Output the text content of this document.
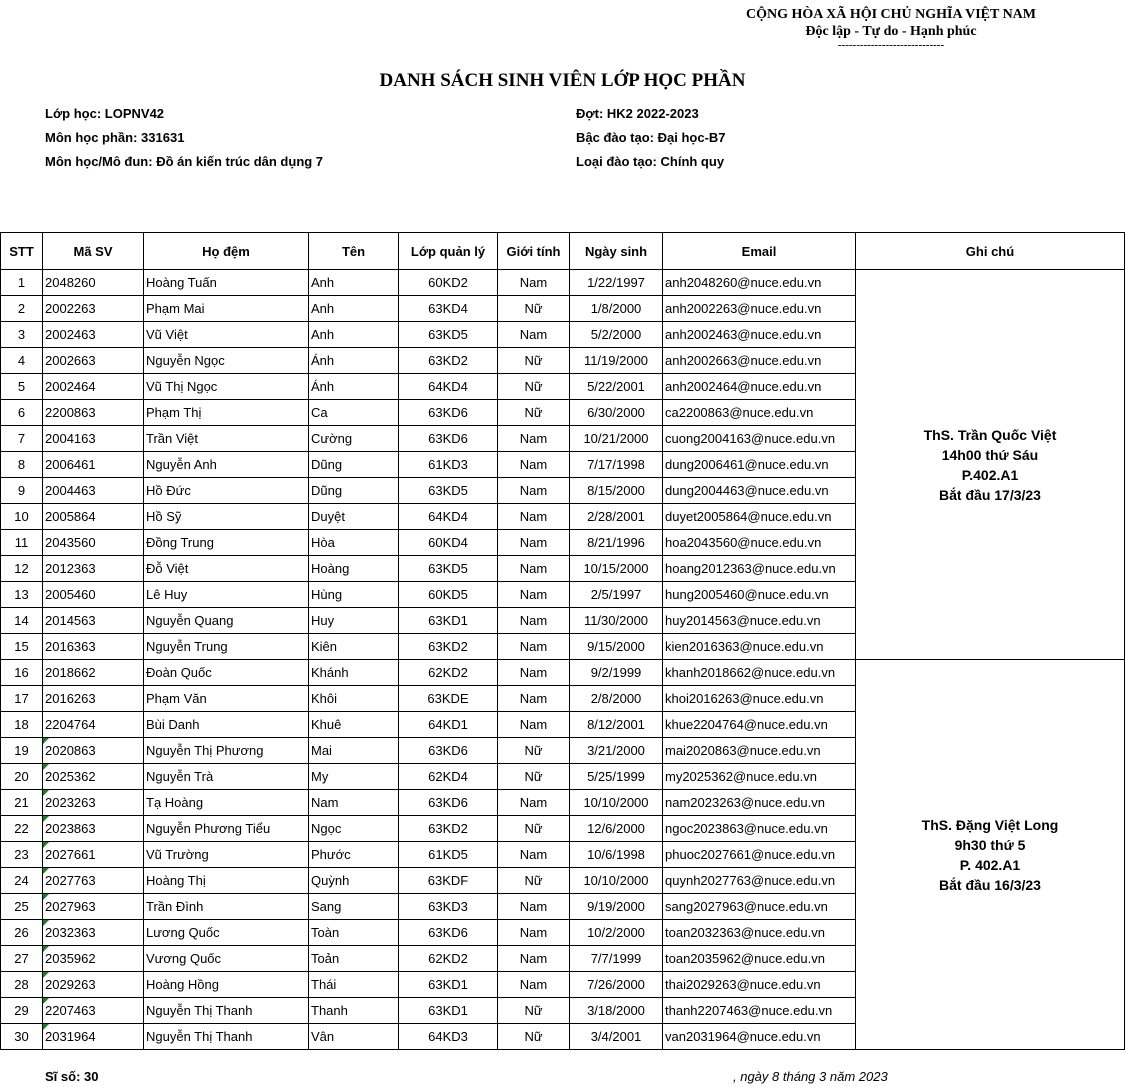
CỘNG HÒA XÃ HỘI CHỦ NGHĨA VIỆT NAM
Độc lập - Tự do - Hạnh phúc
-----------------------------
DANH SÁCH SINH VIÊN LỚP HỌC PHẦN
Lớp học: LOPNV42
Môn học phần: 331631
Môn học/Mô đun: Đồ án kiến trúc dân dụng 7
Đợt: HK2 2022-2023
Bậc đào tạo: Đại học-B7
Loại đào tạo: Chính quy
STT	Mã SV	Họ đệm	Tên	Lớp quản lý	Giới tính	Ngày sinh	Email	Ghi chú
1	2048260	Hoàng Tuấn	Anh	60KD2	Nam	1/22/1997	anh2048260@nuce.edu.vn	ThS. Trần Quốc Việt
14h00 thứ Sáu
P.402.A1
Bắt đầu 17/3/23

2	2002263	Phạm Mai	Anh	63KD4	Nữ	1/8/2000	anh2002263@nuce.edu.vn	
3	2002463	Vũ Việt	Anh	63KD5	Nam	5/2/2000	anh2002463@nuce.edu.vn	
4	2002663	Nguyễn Ngọc	Ánh	63KD2	Nữ	11/19/2000	anh2002663@nuce.edu.vn	
5	2002464	Vũ Thị Ngọc	Ánh	64KD4	Nữ	5/22/2001	anh2002464@nuce.edu.vn	
6	2200863	Phạm Thị	Ca	63KD6	Nữ	6/30/2000	ca2200863@nuce.edu.vn	
7	2004163	Trần Việt	Cường	63KD6	Nam	10/21/2000	cuong2004163@nuce.edu.vn	
8	2006461	Nguyễn Anh	Dũng	61KD3	Nam	7/17/1998	dung2006461@nuce.edu.vn	
9	2004463	Hồ Đức	Dũng	63KD5	Nam	8/15/2000	dung2004463@nuce.edu.vn	
10	2005864	Hồ Sỹ	Duyệt	64KD4	Nam	2/28/2001	duyet2005864@nuce.edu.vn	
11	2043560	Đồng Trung	Hòa	60KD4	Nam	8/21/1996	hoa2043560@nuce.edu.vn	
12	2012363	Đỗ Việt	Hoàng	63KD5	Nam	10/15/2000	hoang2012363@nuce.edu.vn	
13	2005460	Lê Huy	Hùng	60KD5	Nam	2/5/1997	hung2005460@nuce.edu.vn	
14	2014563	Nguyễn Quang	Huy	63KD1	Nam	11/30/2000	huy2014563@nuce.edu.vn	
15	2016363	Nguyễn Trung	Kiên	63KD2	Nam	9/15/2000	kien2016363@nuce.edu.vn	
16	2018662	Đoàn Quốc	Khánh	62KD2	Nam	9/2/1999	khanh2018662@nuce.edu.vn	ThS. Đặng Việt Long
9h30 thứ 5
P. 402.A1
Bắt đầu 16/3/23

17	2016263	Phạm Văn	Khôi	63KDE	Nam	2/8/2000	khoi2016263@nuce.edu.vn	
18	2204764	Bùi Danh	Khuê	64KD1	Nam	8/12/2001	khue2204764@nuce.edu.vn	
19	2020863	Nguyễn Thị Phương	Mai	63KD6	Nữ	3/21/2000	mai2020863@nuce.edu.vn	
20	2025362	Nguyễn Trà	My	62KD4	Nữ	5/25/1999	my2025362@nuce.edu.vn	
21	2023263	Tạ Hoàng	Nam	63KD6	Nam	10/10/2000	nam2023263@nuce.edu.vn	
22	2023863	Nguyễn Phương Tiểu	Ngọc	63KD2	Nữ	12/6/2000	ngoc2023863@nuce.edu.vn	
23	2027661	Vũ Trường	Phước	61KD5	Nam	10/6/1998	phuoc2027661@nuce.edu.vn	
24	2027763	Hoàng Thị	Quỳnh	63KDF	Nữ	10/10/2000	quynh2027763@nuce.edu.vn	
25	2027963	Trần Đình	Sang	63KD3	Nam	9/19/2000	sang2027963@nuce.edu.vn	
26	2032363	Lương Quốc	Toàn	63KD6	Nam	10/2/2000	toan2032363@nuce.edu.vn	
27	2035962	Vương Quốc	Toản	62KD2	Nam	7/7/1999	toan2035962@nuce.edu.vn	
28	2029263	Hoàng Hồng	Thái	63KD1	Nam	7/26/2000	thai2029263@nuce.edu.vn	
29	2207463	Nguyễn Thị Thanh	Thanh	63KD1	Nữ	3/18/2000	thanh2207463@nuce.edu.vn	
30	2031964	Nguyễn Thị Thanh	Vân	64KD3	Nữ	3/4/2001	van2031964@nuce.edu.vn	
Sĩ số: 30	, ngày 8 tháng 3 năm 2023
